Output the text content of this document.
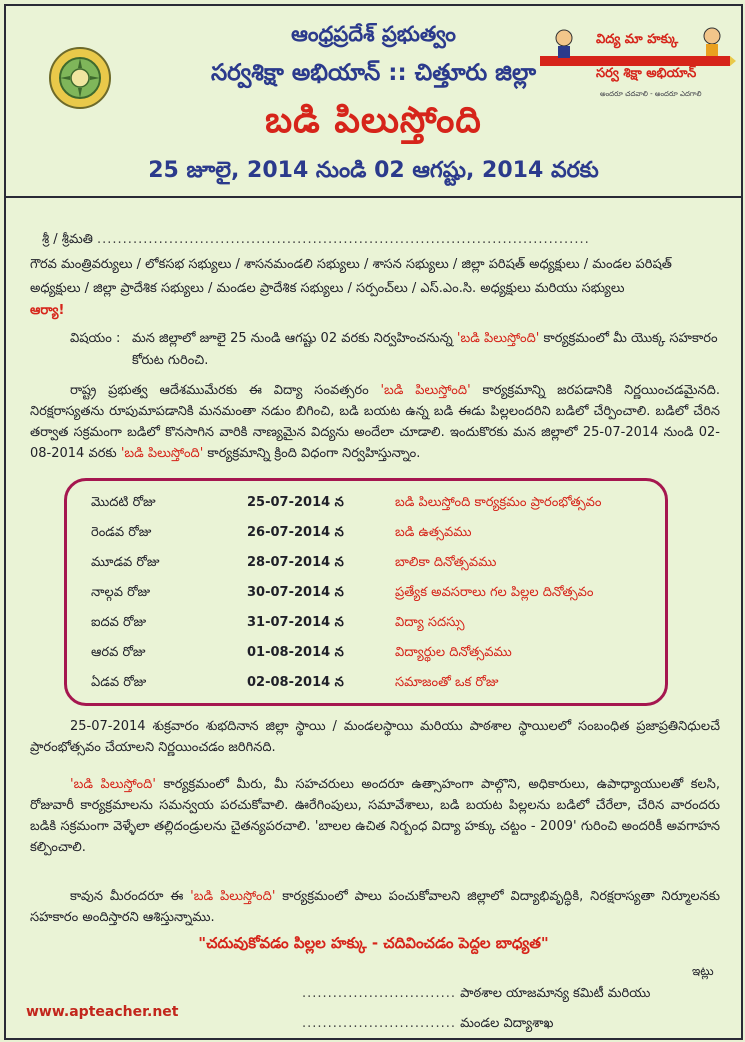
ఆంధ్రప్రదేశ్ ప్రభుత్వం
సర్వశిక్షా అభియాన్ :: చిత్తూరు జిల్లా
బడి పిలుస్తోంది
25 జూలై, 2014 నుండి 02 ఆగష్టు, 2014 వరకు
విద్య మా హక్కు
సర్వ శిక్షా అభియాన్
అందరూ చదవాలి - అందరూ ఎదగాలి
శ్రీ / శ్రీమతి ................................................................................................
గౌరవ మంత్రివర్యులు / లోకసభ సభ్యులు / శాసనమండలి సభ్యులు / శాసన సభ్యులు / జిల్లా పరిషత్ అధ్యక్షులు / మండల పరిషత్
అధ్యక్షులు / జిల్లా ప్రాదేశిక సభ్యులు / మండల ప్రాదేశిక సభ్యులు / సర్పంచ్‌లు / ఎస్.ఎం.సి. అధ్యక్షులు మరియు సభ్యులు
ఆర్యా!
విషయం : మన జిల్లాలో జూలై 25 నుండి ఆగష్టు 02 వరకు నిర్వహించనున్న 'బడి పిలుస్తోంది' కార్యక్రమంలో మీ యొక్క సహకారం కోరుట గురించి.
రాష్ట్ర ప్రభుత్వ ఆదేశముమేరకు ఈ విద్యా సంవత్సరం 'బడి పిలుస్తోంది' కార్యక్రమాన్ని జరపడానికి నిర్ణయించడమైనది. నిరక్షరాస్యతను రూపుమాపడానికి మనమంతా నడుం బిగించి, బడి బయట ఉన్న బడి ఈడు పిల్లలందరిని బడిలో చేర్పించాలి. బడిలో చేరిన తర్వాత సక్రమంగా బడిలో కొనసాగిన వారికి నాణ్యమైన విద్యను అందేలా చూడాలి. ఇందుకొరకు మన జిల్లాలో 25-07-2014 నుండి 02-08-2014 వరకు 'బడి పిలుస్తోంది' కార్యక్రమాన్ని క్రింది విధంగా నిర్వహిస్తున్నాం.
మొదటి రోజు	25-07-2014 న	బడి పిలుస్తోంది కార్యక్రమం ప్రారంభోత్సవం
రెండవ రోజు	26-07-2014 న	బడి ఉత్సవము
మూడవ రోజు	28-07-2014 న	బాలికా దినోత్సవము
నాల్గవ రోజు	30-07-2014 న	ప్రత్యేక అవసరాలు గల పిల్లల దినోత్సవం
ఐదవ రోజు	31-07-2014 న	విద్యా సదస్సు
ఆరవ రోజు	01-08-2014 న	విద్యార్థుల దినోత్సవము
ఏడవ రోజు	02-08-2014 న	సమాజంతో ఒక రోజు
25-07-2014 శుక్రవారం శుభదినాన జిల్లా స్థాయి / మండలస్థాయి మరియు పాఠశాల స్థాయిలలో సంబంధిత ప్రజాప్రతినిధులచే ప్రారంభోత్సవం చేయాలని నిర్ణయించడం జరిగినది.
'బడి పిలుస్తోంది' కార్యక్రమంలో మీరు, మీ సహచరులు అందరూ ఉత్సాహంగా పాల్గొని, అధికారులు, ఉపాధ్యాయులతో కలసి, రోజువారీ కార్యక్రమాలను సమన్వయ పరచుకోవాలి. ఊరేగింపులు, సమావేశాలు, బడి బయట పిల్లలను బడిలో చేరేలా, చేరిన వారందరు బడికి సక్రమంగా వెళ్ళేలా తల్లిదండ్రులను చైతన్యపరచాలి. 'బాలల ఉచిత నిర్బంధ విద్యా హక్కు చట్టం - 2009' గురించి అందరికీ అవగాహన కల్పించాలి.
కావున మీరందరూ ఈ 'బడి పిలుస్తోంది' కార్యక్రమంలో పాలు పంచుకోవాలని జిల్లాలో విద్యాభివృద్ధికి, నిరక్షరాస్యతా నిర్మూలనకు సహకారం అందిస్తారని ఆశిస్తున్నాము.
"చదువుకోవడం పిల్లల హక్కు - చదివించడం పెద్దల బాధ్యత"
ఇట్లు
.............................. పాఠశాల యాజమాన్య కమిటీ మరియు
.............................. మండల విద్యాశాఖ
www.apteacher.net
